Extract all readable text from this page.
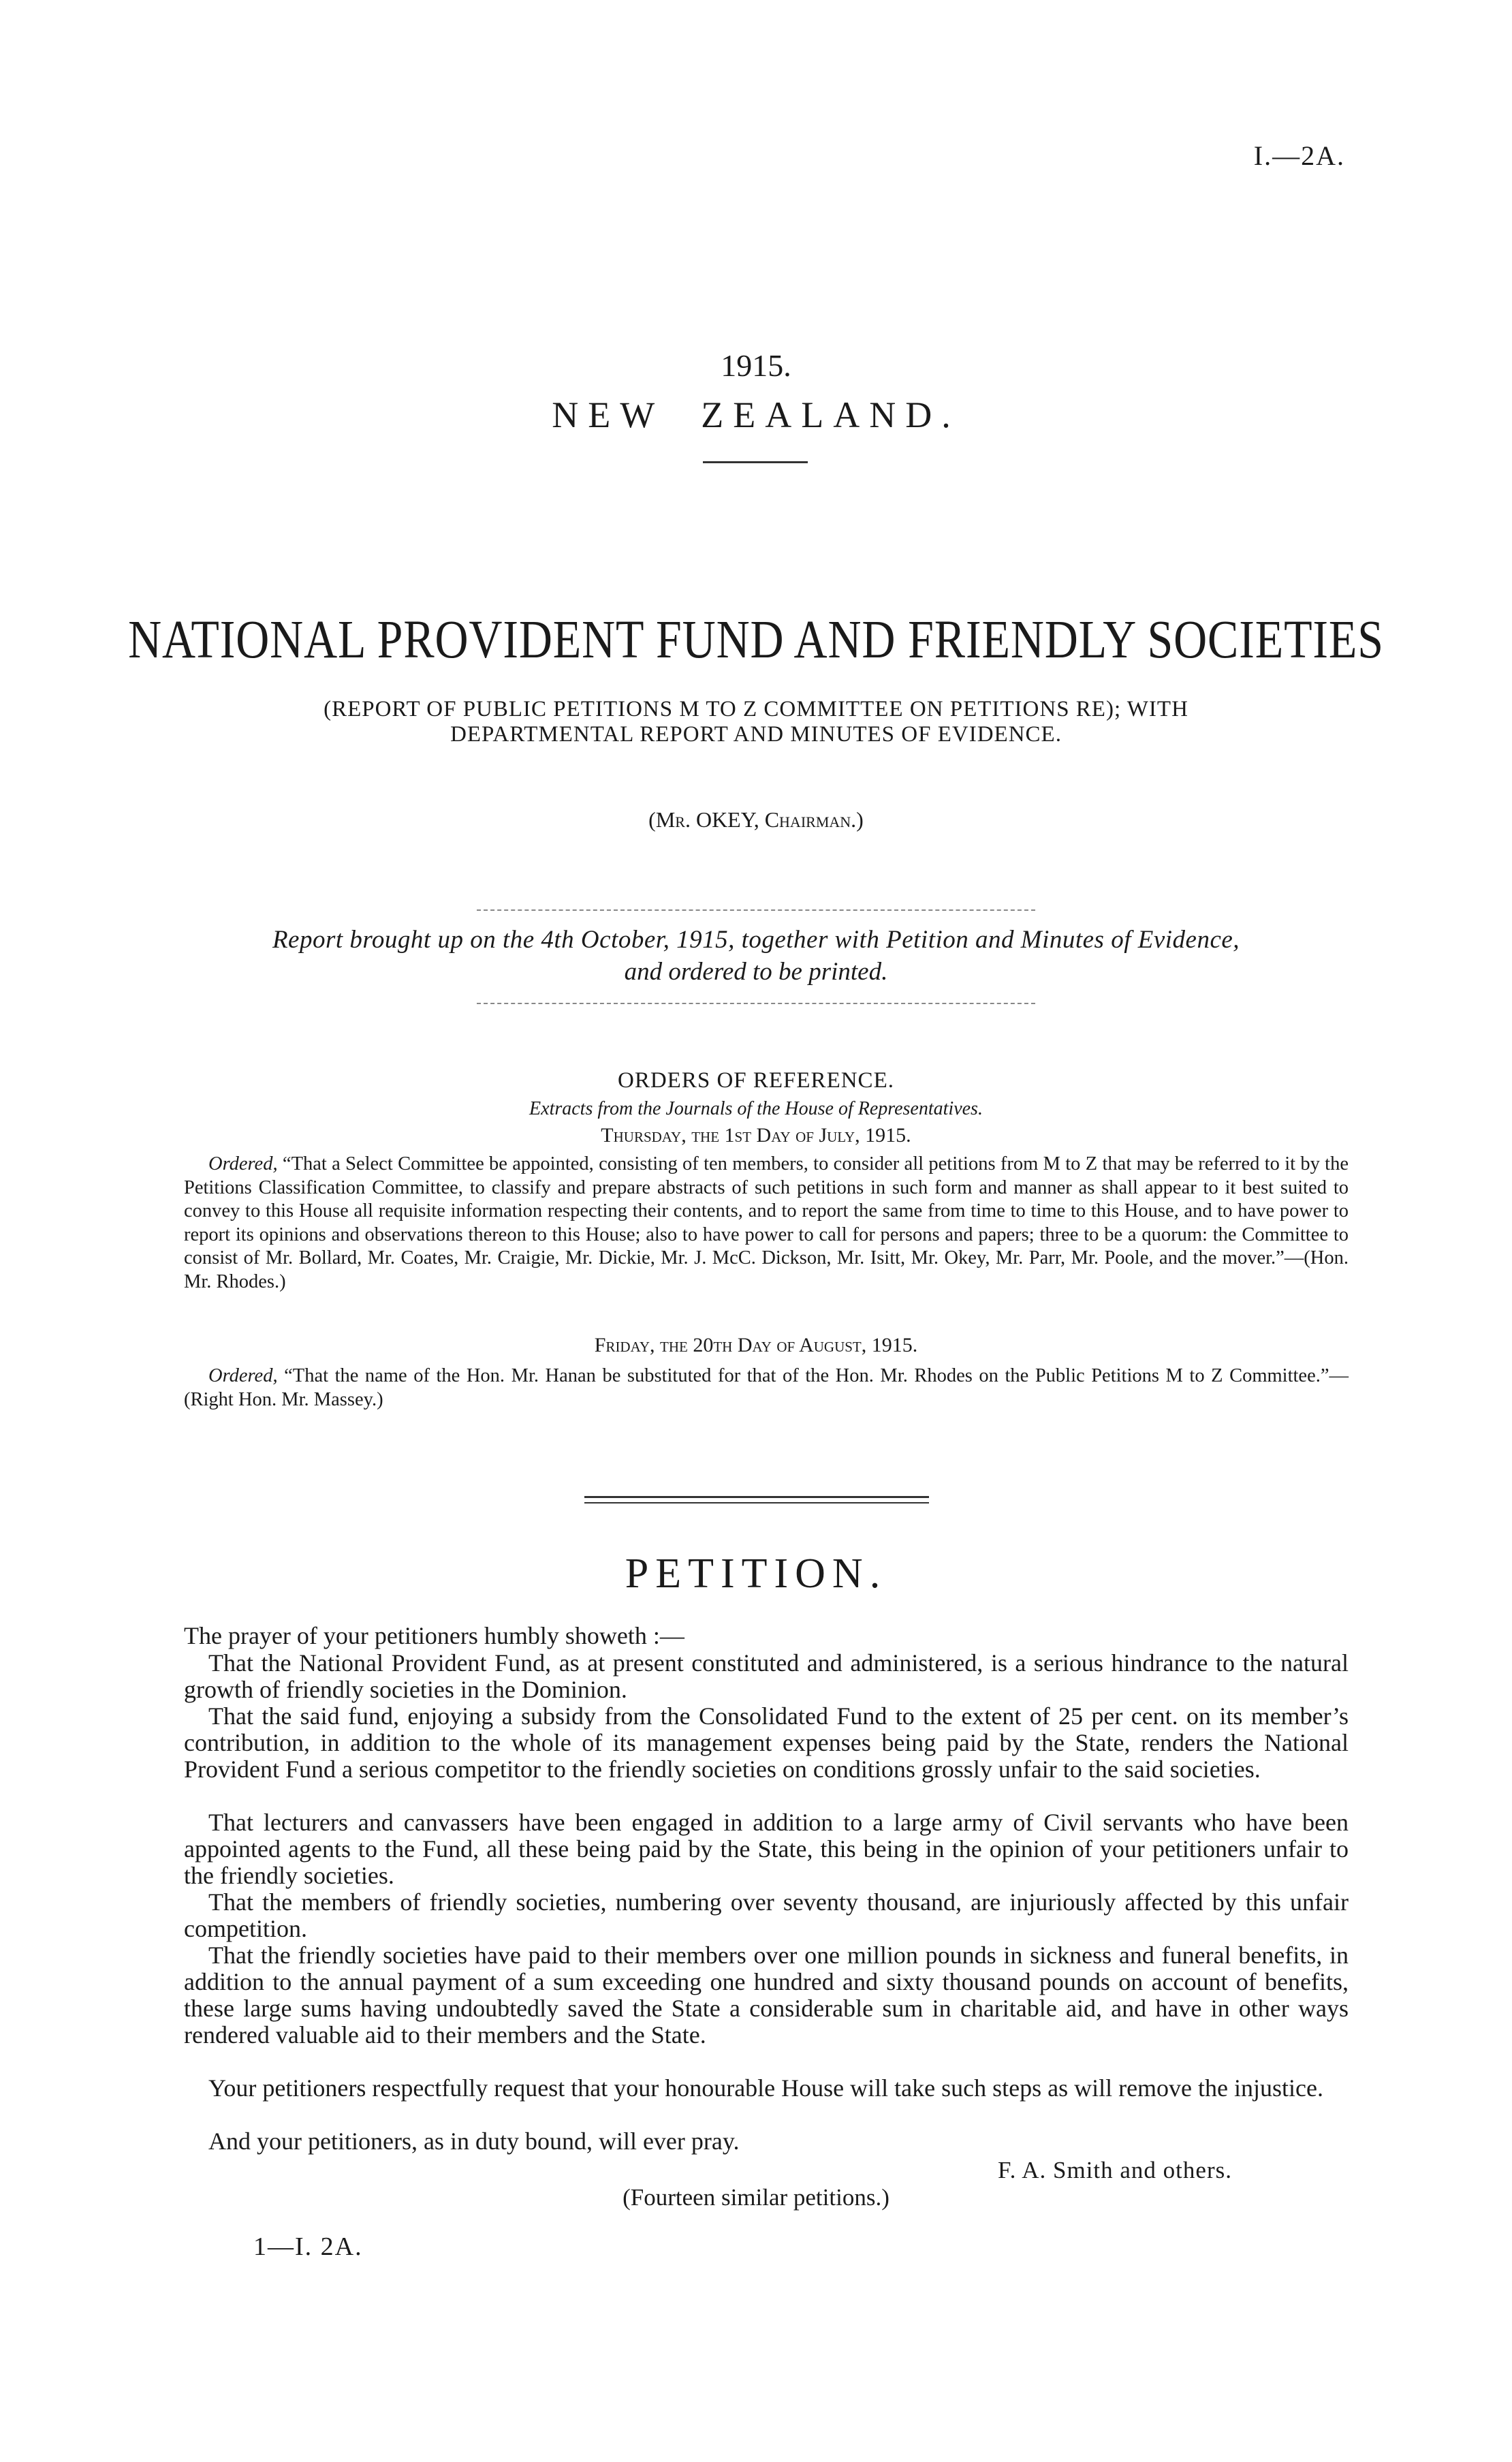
I.—2A.
1915.
NEW  ZEALAND.
NATIONAL PROVIDENT FUND AND FRIENDLY SOCIETIES
(REPORT OF PUBLIC PETITIONS M TO Z COMMITTEE ON PETITIONS RE); WITH
DEPARTMENTAL REPORT AND MINUTES OF EVIDENCE.
(Mr. OKEY, Chairman.)
Report brought up on the 4th October, 1915, together with Petition and Minutes of Evidence,
and ordered to be printed.
ORDERS OF REFERENCE.
Extracts from the Journals of the House of Representatives.
Thursday, the 1st Day of July, 1915.
Ordered, “That a Select Committee be appointed, consisting of ten members, to consider all petitions from M to Z that may be referred to it by the Petitions Classification Committee, to classify and prepare abstracts of such petitions in such form and manner as shall appear to it best suited to convey to this House all requisite information respecting their contents, and to report the same from time to time to this House, and to have power to report its opinions and observations thereon to this House; also to have power to call for persons and papers; three to be a quorum: the Committee to consist of Mr. Bollard, Mr. Coates, Mr. Craigie, Mr. Dickie, Mr. J. McC. Dickson, Mr. Isitt, Mr. Okey, Mr. Parr, Mr. Poole, and the mover.”—(Hon. Mr. Rhodes.)
Friday, the 20th Day of August, 1915.
Ordered, “That the name of the Hon. Mr. Hanan be substituted for that of the Hon. Mr. Rhodes on the Public Petitions M to Z Committee.”—(Right Hon. Mr. Massey.)
PETITION.
The prayer of your petitioners humbly showeth :—
That the National Provident Fund, as at present constituted and administered, is a serious hindrance to the natural growth of friendly societies in the Dominion.
That the said fund, enjoying a subsidy from the Consolidated Fund to the extent of 25 per cent. on its member’s contribution, in addition to the whole of its management expenses being paid by the State, renders the National Provident Fund a serious competitor to the friendly societies on conditions grossly unfair to the said societies.
That lecturers and canvassers have been engaged in addition to a large army of Civil servants who have been appointed agents to the Fund, all these being paid by the State, this being in the opinion of your petitioners unfair to the friendly societies.
That the members of friendly societies, numbering over seventy thousand, are injuriously affected by this unfair competition.
That the friendly societies have paid to their members over one million pounds in sickness and funeral benefits, in addition to the annual payment of a sum exceeding one hundred and sixty thousand pounds on account of benefits, these large sums having undoubtedly saved the State a considerable sum in charitable aid, and have in other ways rendered valuable aid to their members and the State.
Your petitioners respectfully request that your honourable House will take such steps as will remove the injustice.
And your petitioners, as in duty bound, will ever pray.
F. A. Smith and others.
(Fourteen similar petitions.)
1—I. 2A.
